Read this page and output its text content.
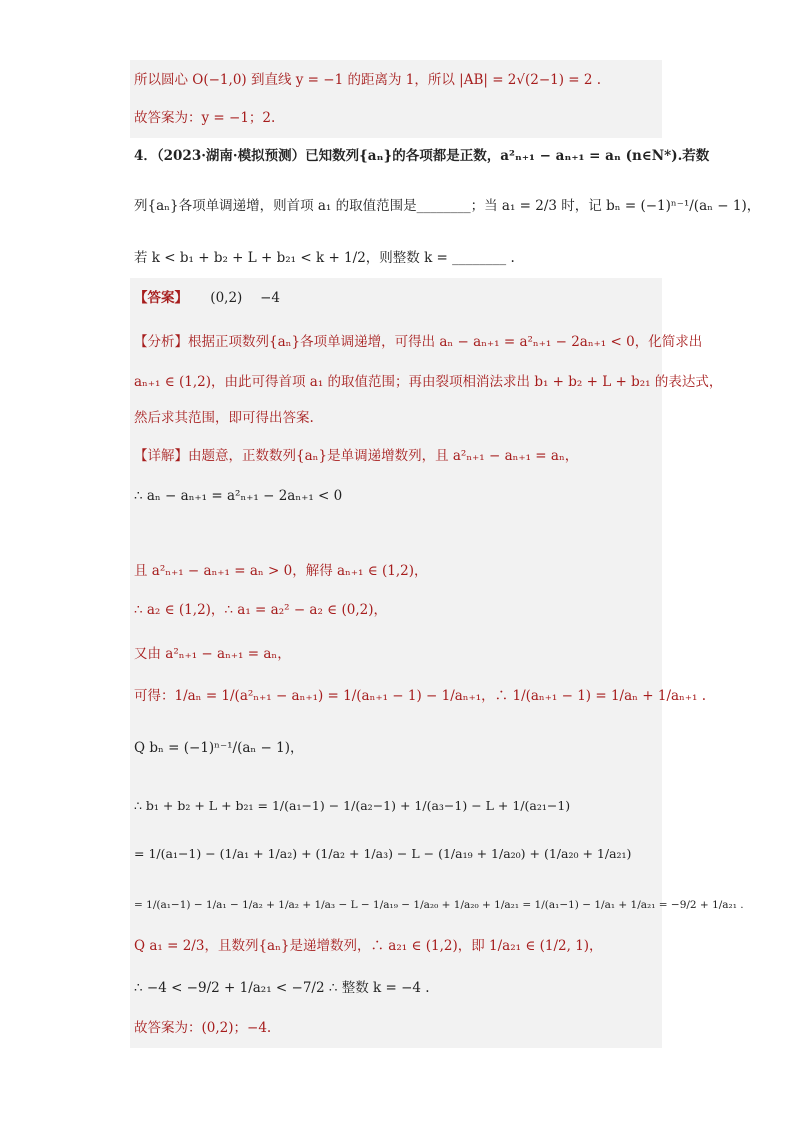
所以圆心 O(−1,0) 到直线 y = −1 的距离为 1，所以 |AB| = 2√(2−1) = 2 .
故答案为：y = −1；2.
4．（2023·湖南·模拟预测）已知数列{aₙ}的各项都是正数，a²ₙ₊₁ − aₙ₊₁ = aₙ (n∈N*).若数
列{aₙ}各项单调递增，则首项 a₁ 的取值范围是________；当 a₁ = 2/3 时，记 bₙ = (−1)ⁿ⁻¹/(aₙ − 1)，
若 k < b₁ + b₂ + L + b₂₁ < k + 1/2，则整数 k = ________ .
【答案】 (0,2)　 −4
【分析】根据正项数列{aₙ}各项单调递增，可得出 aₙ − aₙ₊₁ = a²ₙ₊₁ − 2aₙ₊₁ < 0，化简求出
aₙ₊₁ ∈ (1,2)，由此可得首项 a₁ 的取值范围；再由裂项相消法求出 b₁ + b₂ + L + b₂₁ 的表达式，
然后求其范围，即可得出答案.
【详解】由题意，正数数列{aₙ}是单调递增数列，且 a²ₙ₊₁ − aₙ₊₁ = aₙ，
∴ aₙ − aₙ₊₁ = a²ₙ₊₁ − 2aₙ₊₁ < 0
且 a²ₙ₊₁ − aₙ₊₁ = aₙ > 0，解得 aₙ₊₁ ∈ (1,2)，
∴ a₂ ∈ (1,2)，∴ a₁ = a₂² − a₂ ∈ (0,2)，
又由 a²ₙ₊₁ − aₙ₊₁ = aₙ，
可得：1/aₙ = 1/(a²ₙ₊₁ − aₙ₊₁) = 1/(aₙ₊₁ − 1) − 1/aₙ₊₁，∴ 1/(aₙ₊₁ − 1) = 1/aₙ + 1/aₙ₊₁ .
Q bₙ = (−1)ⁿ⁻¹/(aₙ − 1)，
∴ b₁ + b₂ + L + b₂₁ = 1/(a₁−1) − 1/(a₂−1) + 1/(a₃−1) − L + 1/(a₂₁−1)
= 1/(a₁−1) − (1/a₁ + 1/a₂) + (1/a₂ + 1/a₃) − L − (1/a₁₉ + 1/a₂₀) + (1/a₂₀ + 1/a₂₁)
= 1/(a₁−1) − 1/a₁ − 1/a₂ + 1/a₂ + 1/a₃ − L − 1/a₁₉ − 1/a₂₀ + 1/a₂₀ + 1/a₂₁ = 1/(a₁−1) − 1/a₁ + 1/a₂₁ = −9/2 + 1/a₂₁ .
Q a₁ = 2/3，且数列{aₙ}是递增数列，∴ a₂₁ ∈ (1,2)，即 1/a₂₁ ∈ (1/2, 1)，
∴ −4 < −9/2 + 1/a₂₁ < −7/2 ∴ 整数 k = −4 .
故答案为：(0,2)；−4.
